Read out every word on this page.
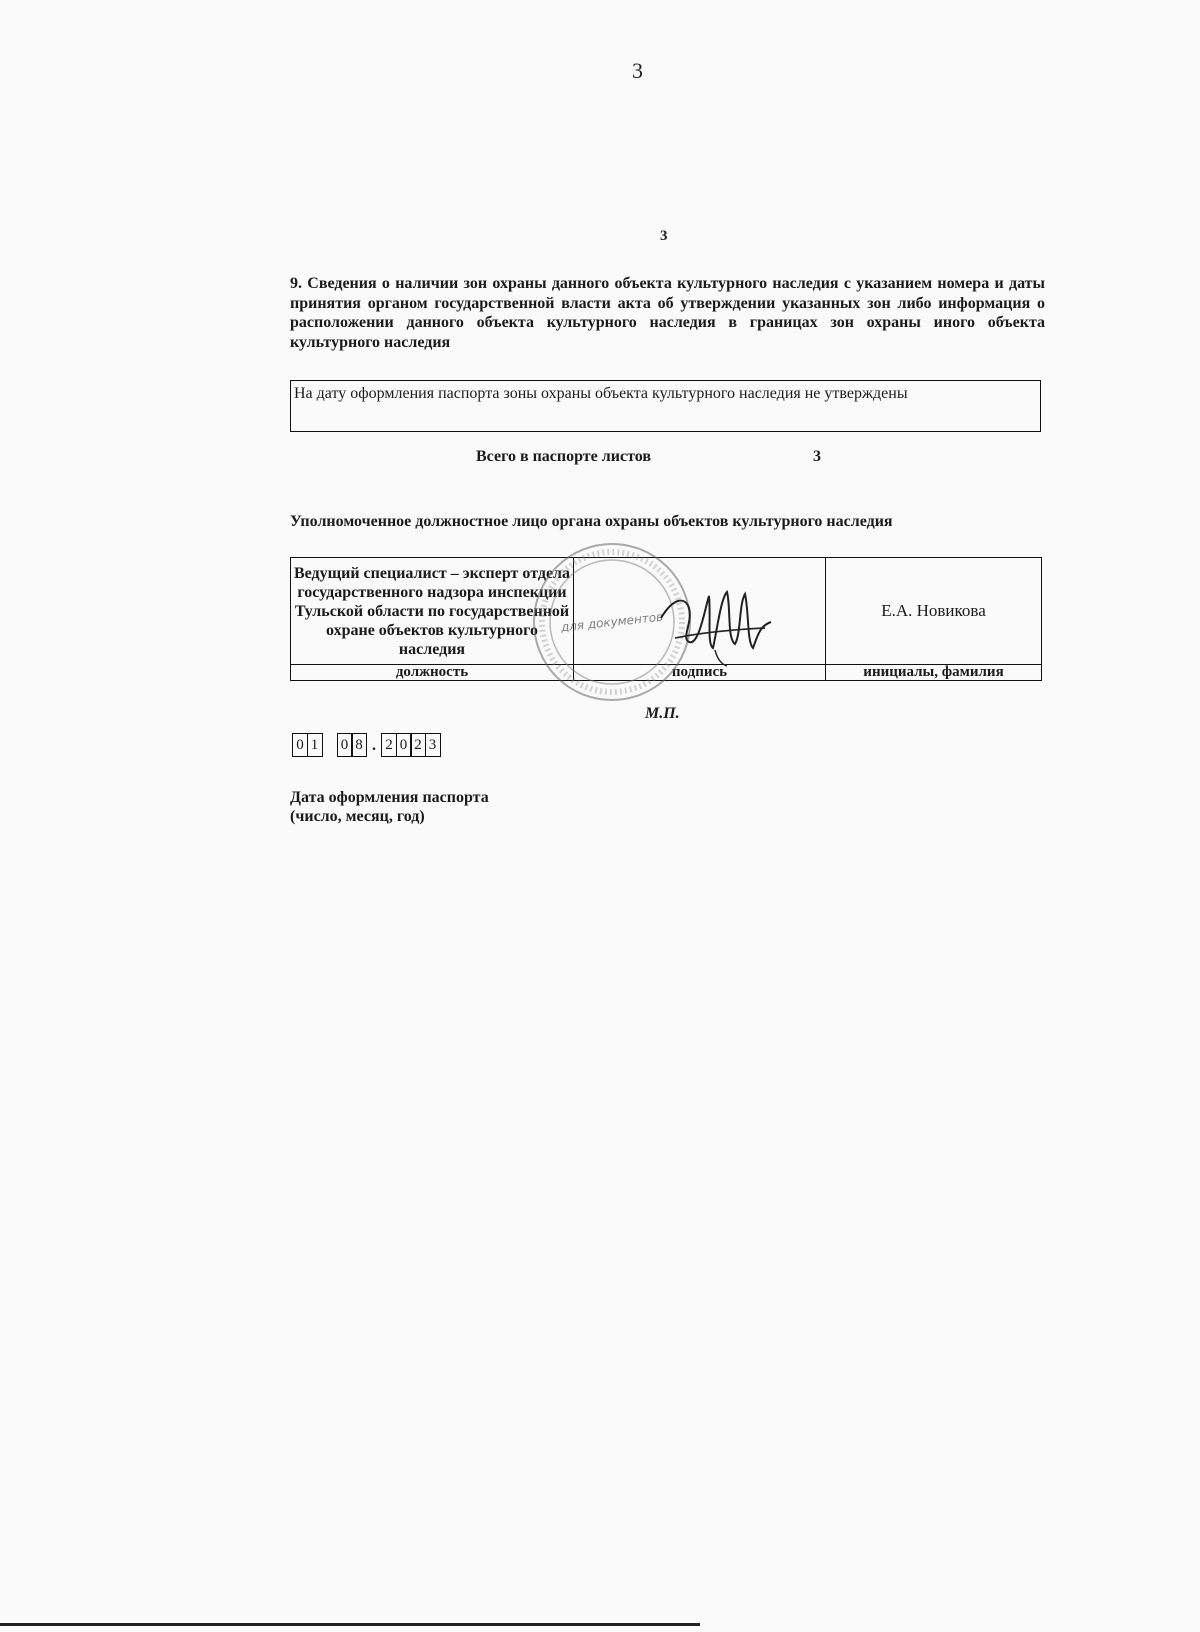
3
3
9. Сведения о наличии зон охраны данного объекта культурного наследия с указанием номера и даты принятия органом государственной власти акта об утверждении указанных зон либо информация о расположении данного объекта культурного наследия в границах зон охраны иного объекта культурного наследия
На дату оформления паспорта зоны охраны объекта культурного наследия не утверждены
Всего в паспорте листов	3
Уполномоченное должностное лицо органа охраны объектов культурного наследия
Ведущий специалист – эксперт отдела государственного надзора инспекции Тульской области по государственной охране объектов культурного наследия		Е.А. Новикова
должность	подпись	инициалы, фамилия
для документов
М.П.
0 1 0 8 . 2 0 2 3
Дата оформления паспорта
(число, месяц, год)
